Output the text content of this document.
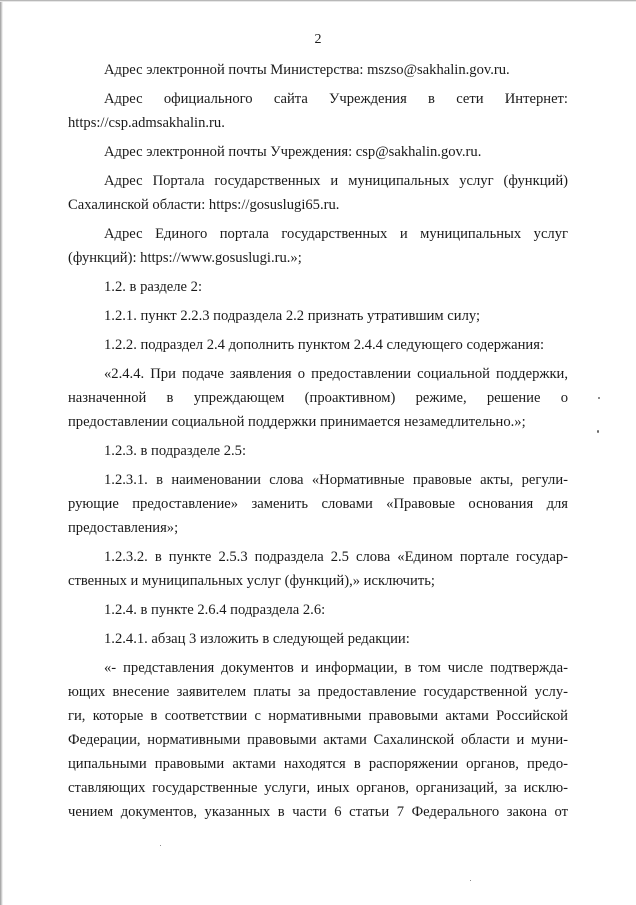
2
Адрес электронной почты Министерства: mszso@sakhalin.gov.ru.
Адрес официального сайта Учреждения в сети Интернет:
https://csp.admsakhalin.ru.
Адрес электронной почты Учреждения: csp@sakhalin.gov.ru.
Адрес Портала государственных и муниципальных услуг (функций)
Сахалинской области: https://gosuslugi65.ru.
Адрес Единого портала государственных и муниципальных услуг
(функций): https://www.gosuslugi.ru.»;
1.2. в разделе 2:
1.2.1. пункт 2.2.3 подраздела 2.2 признать утратившим силу;
1.2.2. подраздел 2.4 дополнить пунктом 2.4.4 следующего содержания:
«2.4.4. При подаче заявления о предоставлении социальной поддержки,
назначенной в упреждающем (проактивном) режиме, решение о
предоставлении социальной поддержки принимается незамедлительно.»;
1.2.3. в подразделе 2.5:
1.2.3.1. в наименовании слова «Нормативные правовые акты, регули-
рующие предоставление» заменить словами «Правовые основания для
предоставления»;
1.2.3.2. в пункте 2.5.3 подраздела 2.5 слова «Едином портале государ-
ственных и муниципальных услуг (функций),» исключить;
1.2.4. в пункте 2.6.4 подраздела 2.6:
1.2.4.1. абзац 3 изложить в следующей редакции:
«- представления документов и информации, в том числе подтвержда-
ющих внесение заявителем платы за предоставление государственной услу-
ги, которые в соответствии с нормативными правовыми актами Российской
Федерации, нормативными правовыми актами Сахалинской области и муни-
ципальными правовыми актами находятся в распоряжении органов, предо-
ставляющих государственные услуги, иных органов, организаций, за исклю-
чением документов, указанных в части 6 статьи 7 Федерального закона от
